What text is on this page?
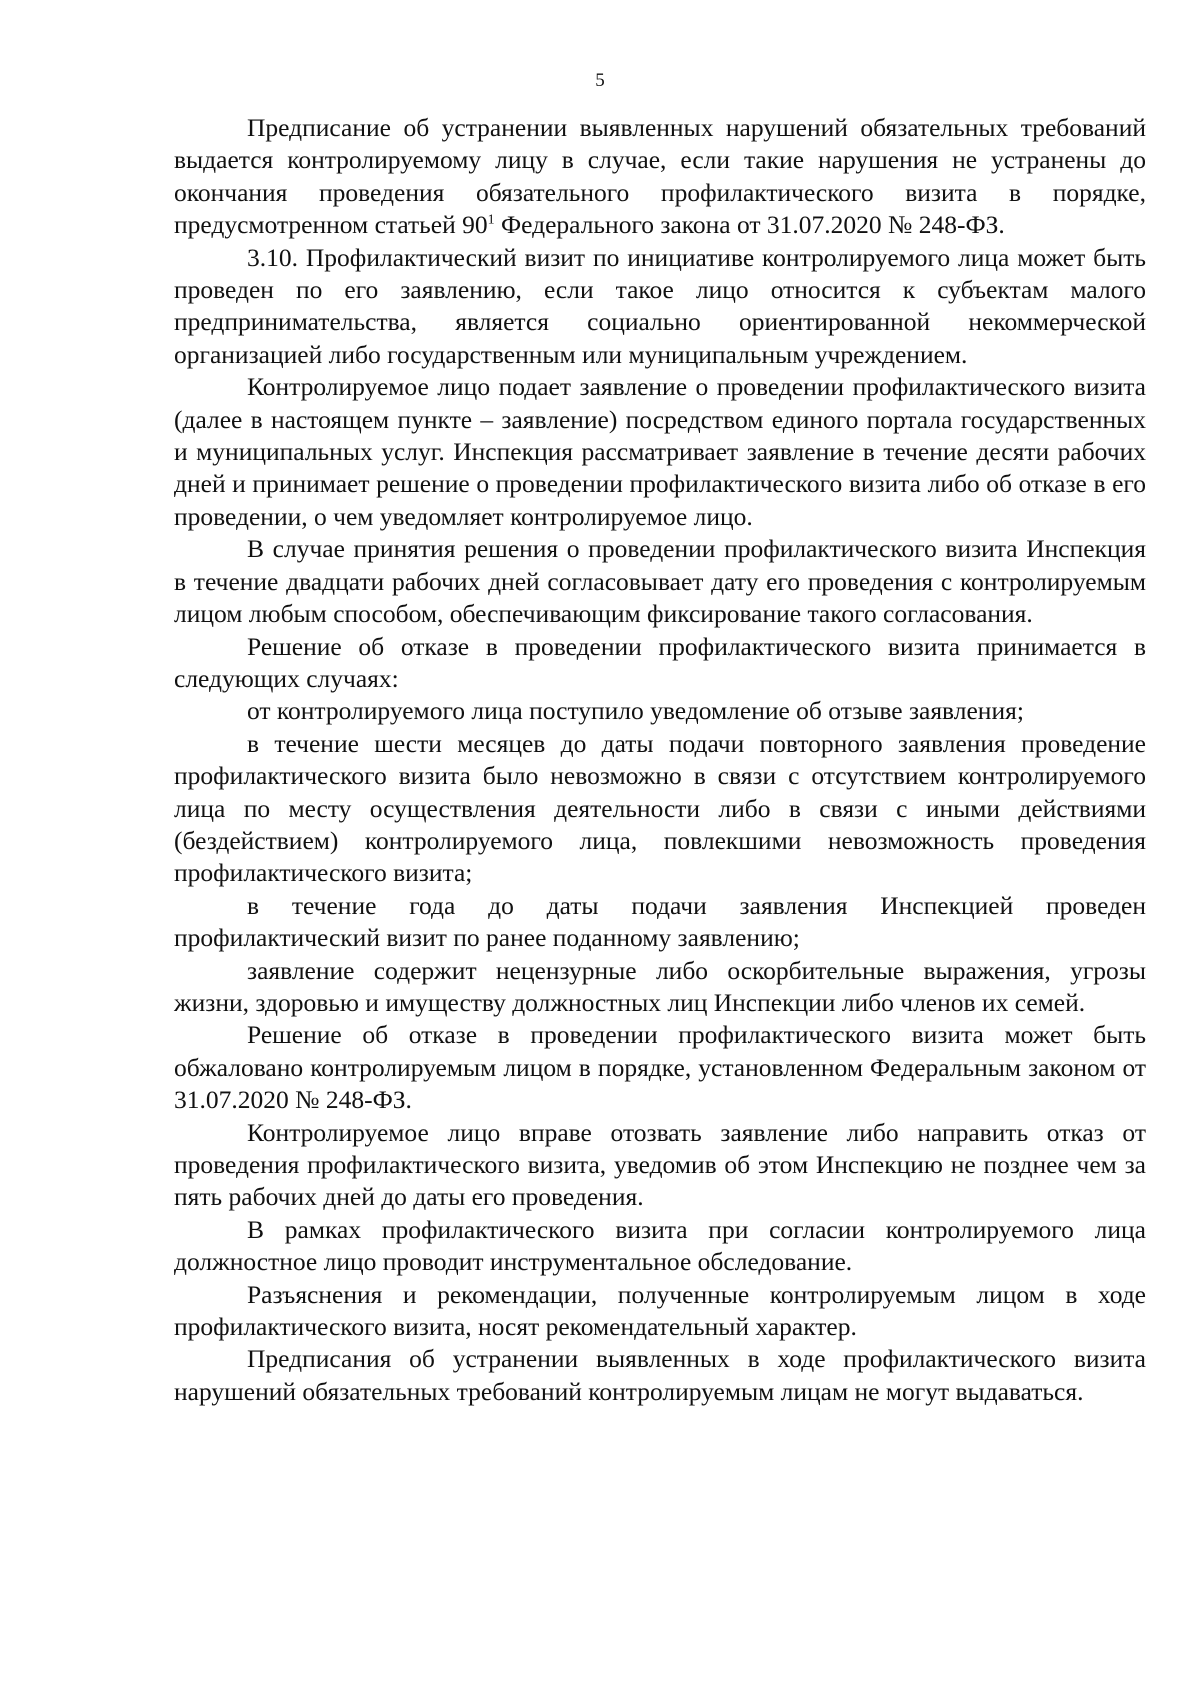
5

Предписание об устранении выявленных нарушений обязательных требований выдается контролируемому лицу в случае, если такие нарушения не устранены до окончания проведения обязательного профилактического визита в порядке, предусмотренном статьей $90^1$ Федерального закона от 31.07.2020 № 248-ФЗ.

3.10. Профилактический визит по инициативе контролируемого лица может быть проведен по его заявлению, если такое лицо относится к субъектам малого предпринимательства, является социально ориентированной некоммерческой организацией либо государственным или муниципальным учреждением.

Контролируемое лицо подает заявление о проведении профилактического визита (далее в настоящем пункте – заявление) посредством единого портала государственных и муниципальных услуг. Инспекция рассматривает заявление в течение десяти рабочих дней и принимает решение о проведении профилактического визита либо об отказе в его проведении, о чем уведомляет контролируемое лицо.

В случае принятия решения о проведении профилактического визита Инспекция в течение двадцати рабочих дней согласовывает дату его проведения с контролируемым лицом любым способом, обеспечивающим фиксирование такого согласования.

Решение об отказе в проведении профилактического визита принимается в следующих случаях:

от контролируемого лица поступило уведомление об отзыве заявления;

в течение шести месяцев до даты подачи повторного заявления проведение профилактического визита было невозможно в связи с отсутствием контролируемого лица по месту осуществления деятельности либо в связи с иными действиями (бездействием) контролируемого лица, повлекшими невозможность проведения профилактического визита;

в течение года до даты подачи заявления Инспекцией проведен профилактический визит по ранее поданному заявлению;

заявление содержит нецензурные либо оскорбительные выражения, угрозы жизни, здоровью и имуществу должностных лиц Инспекции либо членов их семей.

Решение об отказе в проведении профилактического визита может быть обжаловано контролируемым лицом в порядке, установленном Федеральным законом от 31.07.2020 № 248-ФЗ.

Контролируемое лицо вправе отозвать заявление либо направить отказ от проведения профилактического визита, уведомив об этом Инспекцию не позднее чем за пять рабочих дней до даты его проведения.

В рамках профилактического визита при согласии контролируемого лица должностное лицо проводит инструментальное обследование.

Разъяснения и рекомендации, полученные контролируемым лицом в ходе профилактического визита, носят рекомендательный характер.

Предписания об устранении выявленных в ходе профилактического визита нарушений обязательных требований контролируемым лицам не могут выдаваться.
